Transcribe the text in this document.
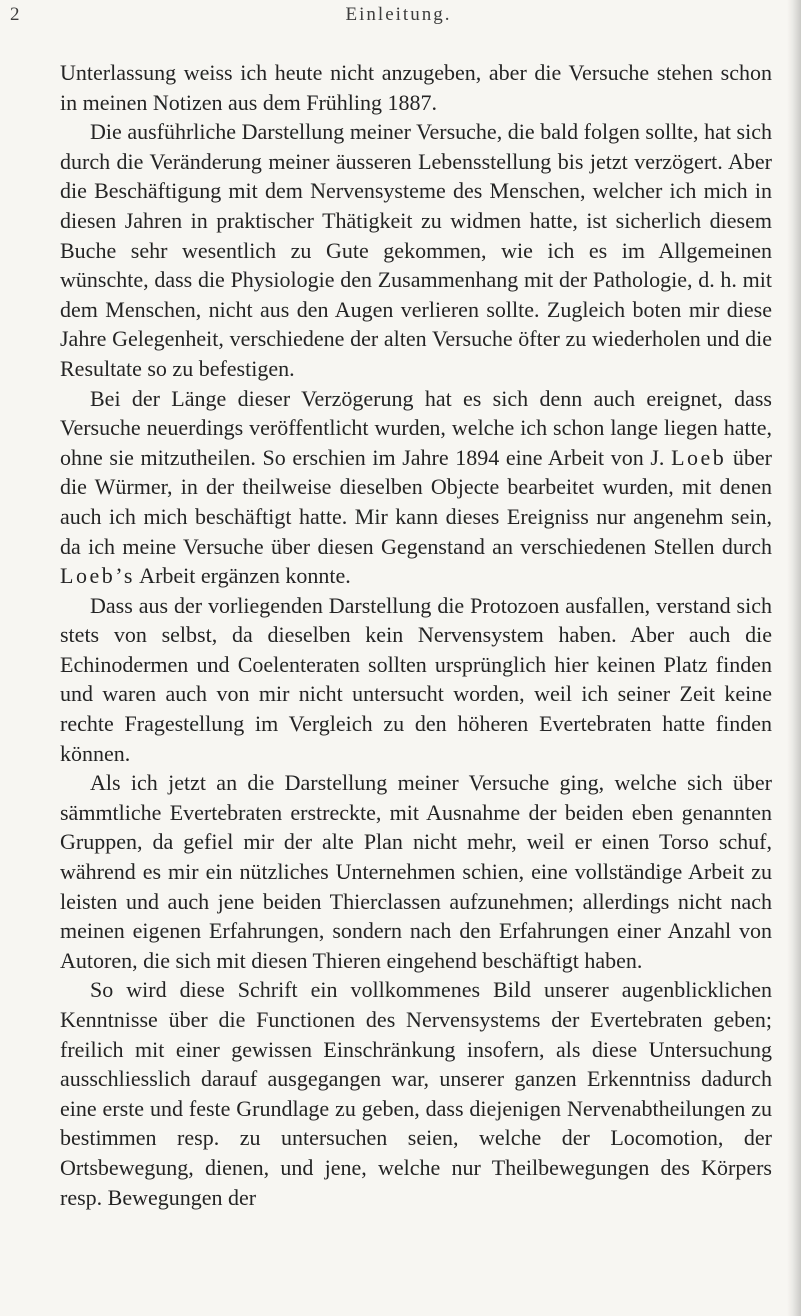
2	Einleitung.

Unterlassung weiss ich heute nicht anzugeben, aber die Versuche stehen schon in meinen Notizen aus dem Frühling 1887.

Die ausführliche Darstellung meiner Versuche, die bald folgen sollte, hat sich durch die Veränderung meiner äusseren Lebensstellung bis jetzt verzögert. Aber die Beschäftigung mit dem Nervensysteme des Menschen, welcher ich mich in diesen Jahren in praktischer Thätigkeit zu widmen hatte, ist sicherlich diesem Buche sehr wesentlich zu Gute gekommen, wie ich es im Allgemeinen wünschte, dass die Physiologie den Zusammenhang mit der Pathologie, d. h. mit dem Menschen, nicht aus den Augen verlieren sollte. Zugleich boten mir diese Jahre Gelegenheit, verschiedene der alten Versuche öfter zu wiederholen und die Resultate so zu befestigen.

Bei der Länge dieser Verzögerung hat es sich denn auch ereignet, dass Versuche neuerdings veröffentlicht wurden, welche ich schon lange liegen hatte, ohne sie mitzutheilen. So erschien im Jahre 1894 eine Arbeit von J. Loeb über die Würmer, in der theilweise dieselben Objecte bearbeitet wurden, mit denen auch ich mich beschäftigt hatte. Mir kann dieses Ereigniss nur angenehm sein, da ich meine Versuche über diesen Gegenstand an verschiedenen Stellen durch Loeb’s Arbeit ergänzen konnte.

Dass aus der vorliegenden Darstellung die Protozoen ausfallen, verstand sich stets von selbst, da dieselben kein Nervensystem haben. Aber auch die Echinodermen und Coelenteraten sollten ursprünglich hier keinen Platz finden und waren auch von mir nicht untersucht worden, weil ich seiner Zeit keine rechte Fragestellung im Vergleich zu den höheren Evertebraten hatte finden können.

Als ich jetzt an die Darstellung meiner Versuche ging, welche sich über sämmtliche Evertebraten erstreckte, mit Ausnahme der beiden eben genannten Gruppen, da gefiel mir der alte Plan nicht mehr, weil er einen Torso schuf, während es mir ein nützliches Unternehmen schien, eine vollständige Arbeit zu leisten und auch jene beiden Thierclassen aufzunehmen; allerdings nicht nach meinen eigenen Erfahrungen, sondern nach den Erfahrungen einer Anzahl von Autoren, die sich mit diesen Thieren eingehend beschäftigt haben.

So wird diese Schrift ein vollkommenes Bild unserer augenblicklichen Kenntnisse über die Functionen des Nervensystems der Evertebraten geben; freilich mit einer gewissen Einschränkung insofern, als diese Untersuchung ausschliesslich darauf ausgegangen war, unserer ganzen Erkenntniss dadurch eine erste und feste Grundlage zu geben, dass diejenigen Nervenabtheilungen zu bestimmen resp. zu untersuchen seien, welche der Locomotion, der Ortsbewegung, dienen, und jene, welche nur Theilbewegungen des Körpers resp. Bewegungen der
